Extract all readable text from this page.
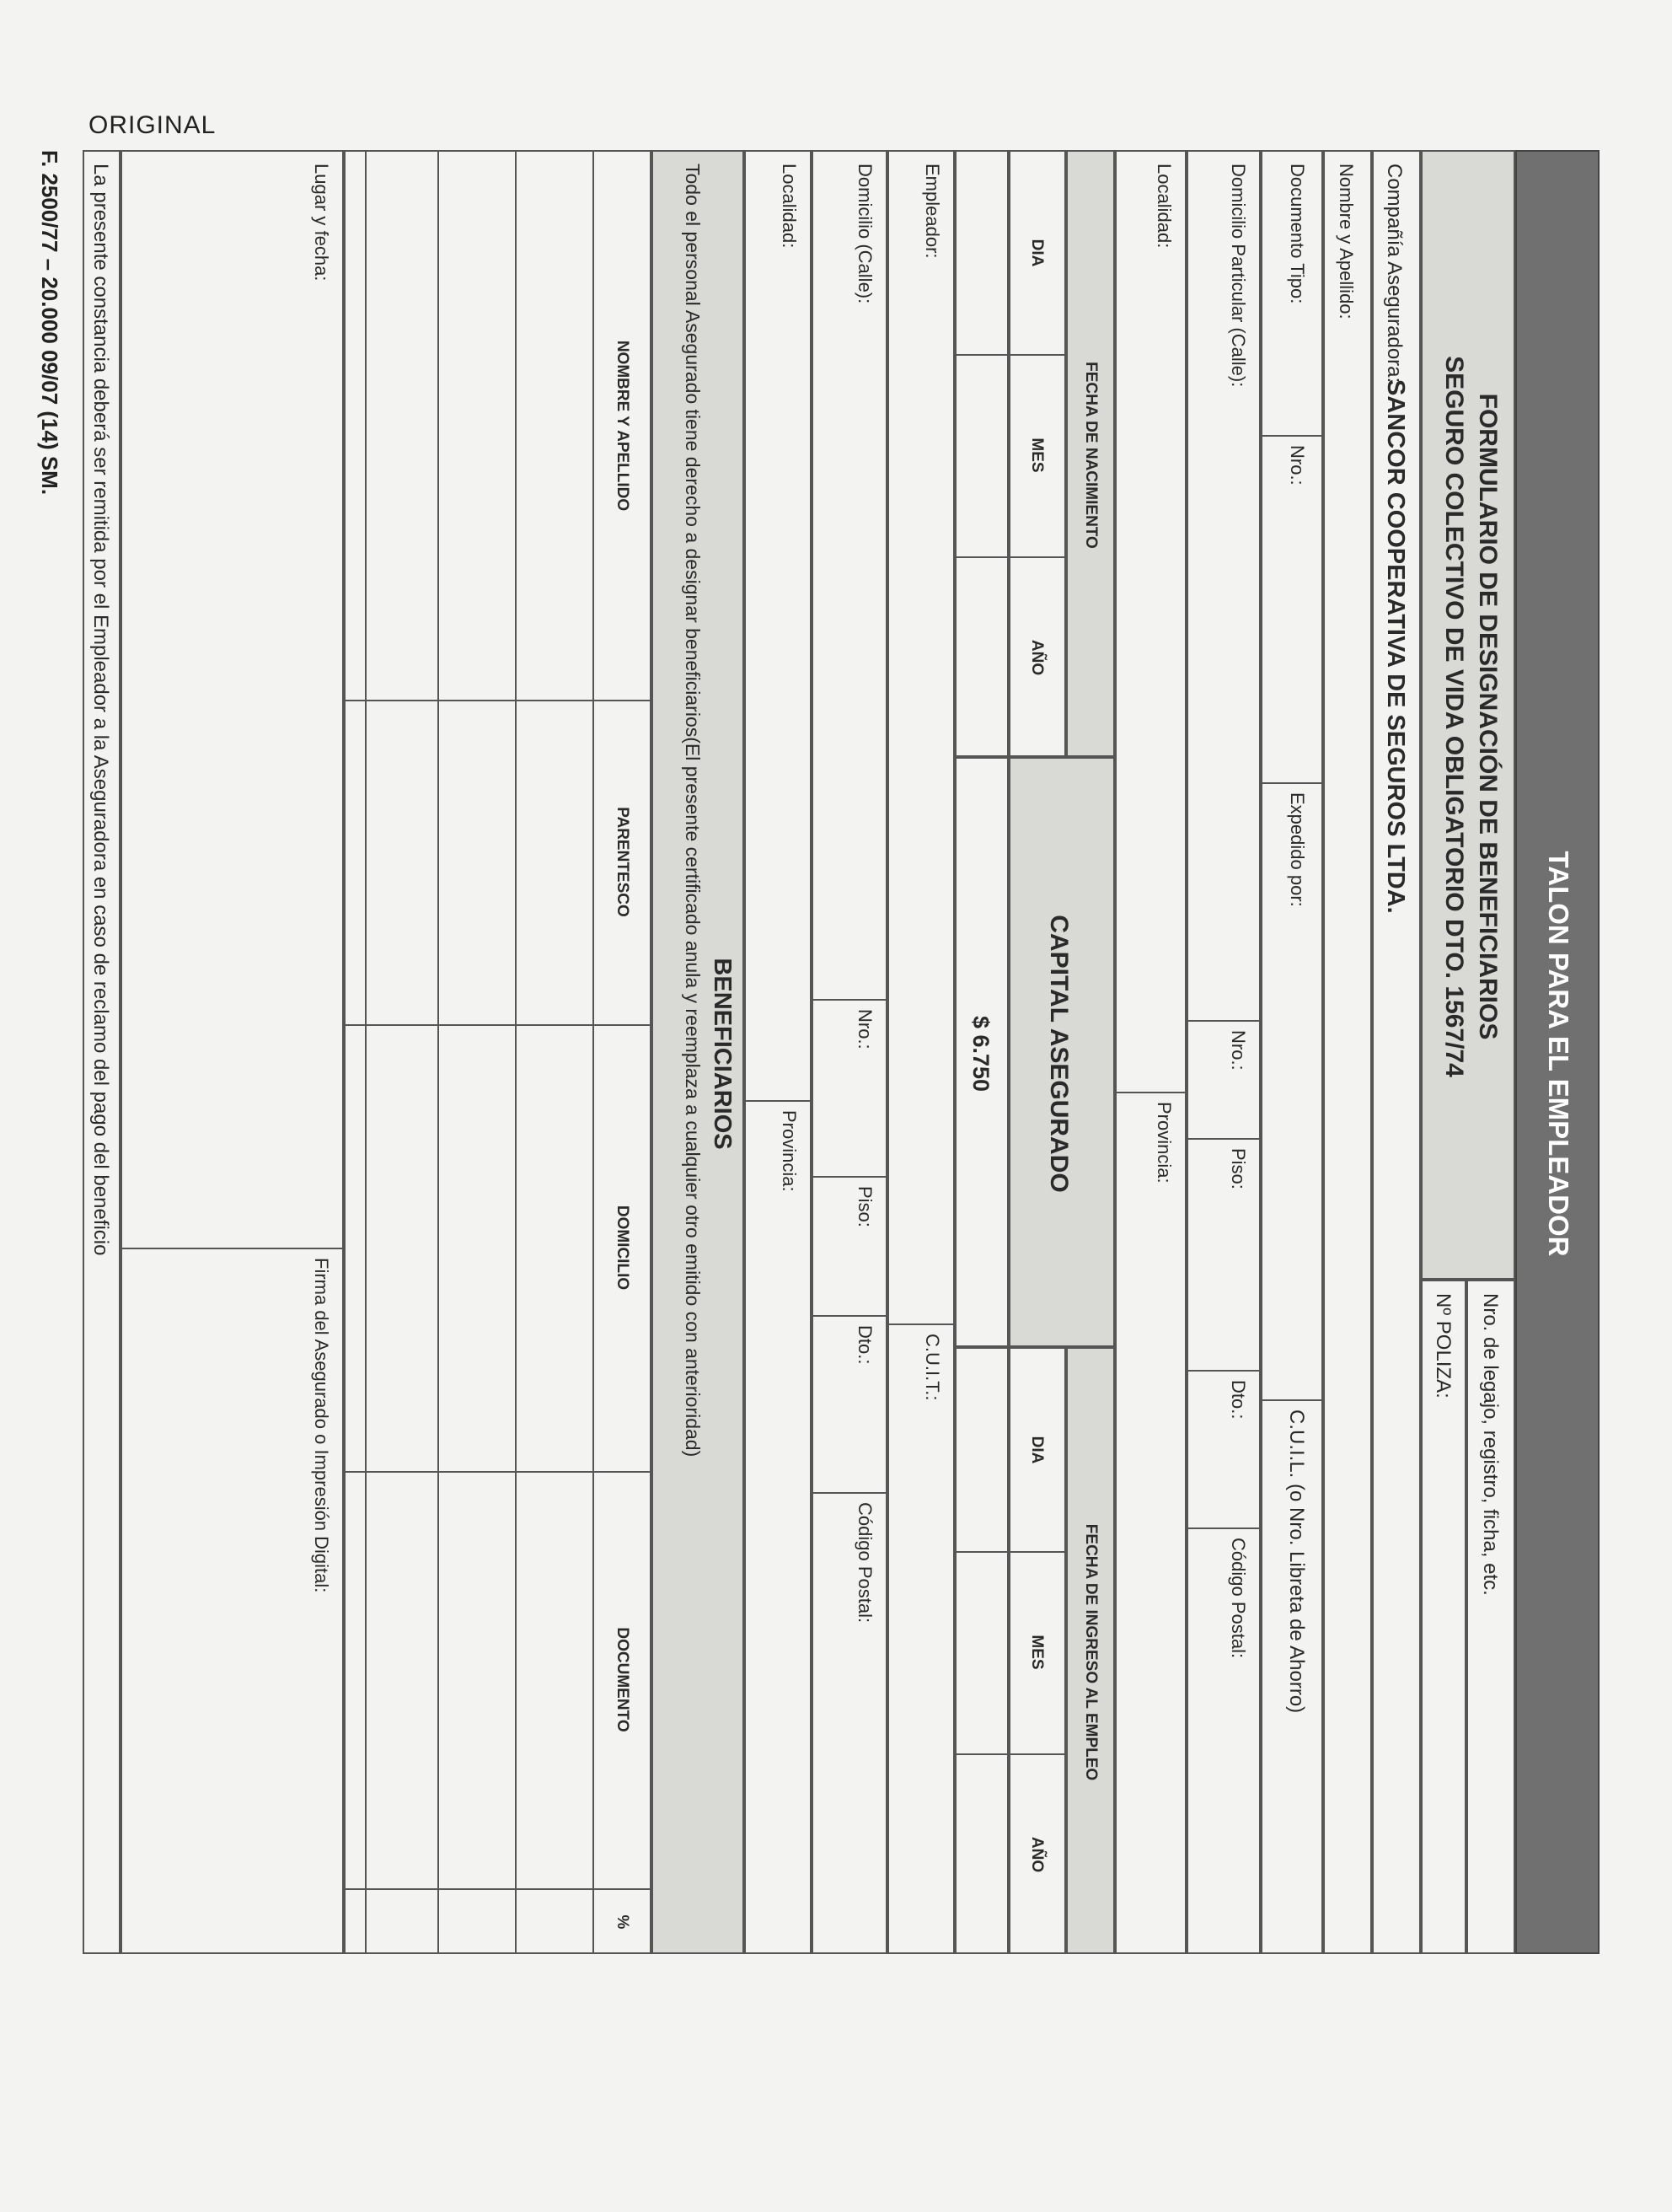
ORIGINAL
F. 2500/77 – 20.000 09/07 (14) SM.
TALON PARA EL EMPLEADOR
FORMULARIO DE DESIGNACIÓN DE BENEFICIARIOS
SEGURO COLECTIVO DE VIDA OBLIGATORIO DTO. 1567/74
Nro. de legajo, registro, ficha, etc.
Nº POLIZA:
Compañía Aseguradora:
SANCOR COOPERATIVA DE SEGUROS LTDA.
Nombre y Apellido:
Documento Tipo:
Nro.:
Expedido por:
C.U.I.L. (o Nro. Libreta de Ahorro)
Domicilio Particular (Calle):
Nro.:
Piso:
Dto.:
Código Postal:
Localidad:
Provincia:
FECHA DE NACIMIENTO
DIA
MES
AÑO
CAPITAL ASEGURADO
$ 6.750
FECHA DE INGRESO AL EMPLEO
DIA
MES
AÑO
Empleador:
C.U.I.T.:
Domicilio (Calle):
Nro.:
Piso:
Dto.:
Código Postal:
Localidad:
Provincia:
BENEFICIARIOS
Todo el personal Asegurado tiene derecho a designar beneficiarios(El presente certificado anula y reemplaza a cualquier otro emitido con anterioridad)
NOMBRE Y APELLIDO
PARENTESCO
DOMICILIO
DOCUMENTO
%
Lugar y fecha:
Firma del Asegurado o Impresión Digital:
La presente constancia deberá ser remitida por el Empleador a la Aseguradora en caso de reclamo del pago del beneficio
